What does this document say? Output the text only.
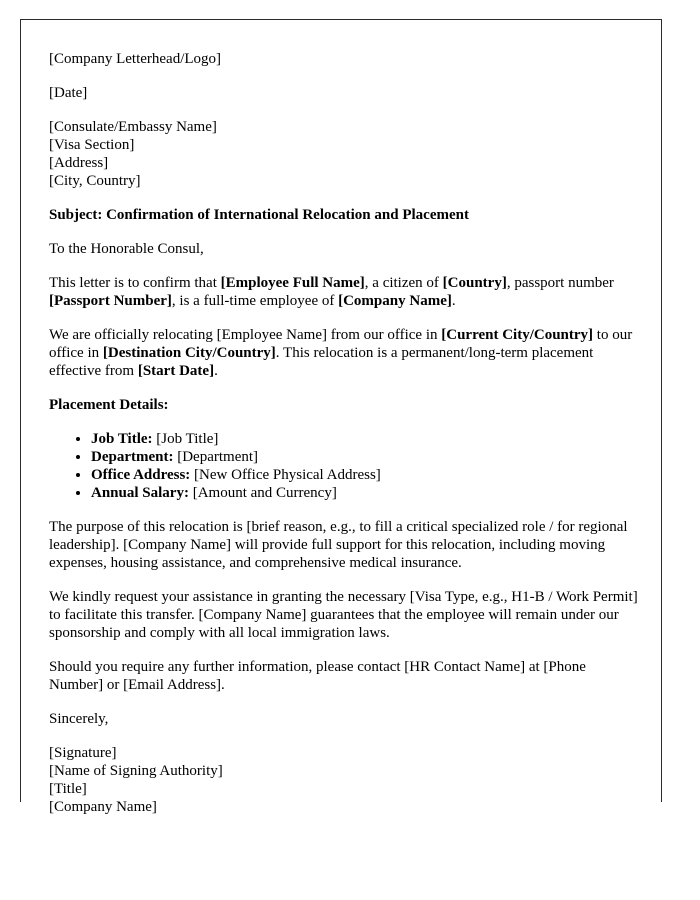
[Company Letterhead/Logo]

[Date]

[Consulate/Embassy Name]
[Visa Section]
[Address]
[City, Country]

Subject: Confirmation of International Relocation and Placement

To the Honorable Consul,

This letter is to confirm that [Employee Full Name], a citizen of [Country], passport number [Passport Number], is a full-time employee of [Company Name].

We are officially relocating [Employee Name] from our office in [Current City/Country] to our office in [Destination City/Country]. This relocation is a permanent/long-term placement effective from [Start Date].

Placement Details:

• Job Title: [Job Title]
• Department: [Department]
• Office Address: [New Office Physical Address]
• Annual Salary: [Amount and Currency]

The purpose of this relocation is [brief reason, e.g., to fill a critical specialized role / for regional leadership]. [Company Name] will provide full support for this relocation, including moving expenses, housing assistance, and comprehensive medical insurance.

We kindly request your assistance in granting the necessary [Visa Type, e.g., H1-B / Work Permit] to facilitate this transfer. [Company Name] guarantees that the employee will remain under our sponsorship and comply with all local immigration laws.

Should you require any further information, please contact [HR Contact Name] at [Phone Number] or [Email Address].

Sincerely,

[Signature]
[Name of Signing Authority]
[Title]
[Company Name]
